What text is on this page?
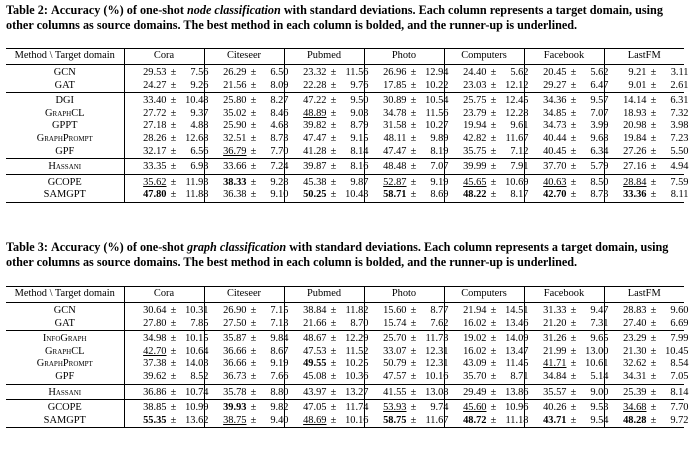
Table 2: Accuracy (%) of one-shot node classification with standard deviations. Each column represents a target domain, using other columns as source domains. The best method in each column is bolded, and the runner-up is underlined.
Method \ Target domain	Cora	Citeseer	Pubmed	Photo	Computers	Facebook	LastFM
GCN	29.53 ± 7.56	26.29 ± 6.50	23.32 ± 11.56	26.96 ± 12.94	24.40 ± 5.62	20.45 ± 5.62	9.21 ± 3.11
GAT	24.27 ± 9.26	21.56 ± 8.09	22.28 ± 9.76	17.85 ± 10.22	23.03 ± 12.12	29.27 ± 6.47	9.01 ± 2.61
DGI	33.40 ± 10.48	25.80 ± 8.27	47.22 ± 9.50	30.89 ± 10.54	25.75 ± 12.45	34.36 ± 9.57	14.14 ± 6.31
GraphCL	27.72 ± 9.37	35.02 ± 8.46	48.89 ± 9.03	34.78 ± 11.56	23.79 ± 12.28	34.85 ± 7.07	18.93 ± 7.32
GPPT	27.18 ± 4.88	25.90 ± 4.68	39.82 ± 8.79	31.58 ± 10.27	19.94 ± 9.61	34.73 ± 3.99	20.98 ± 3.98
GraphPrompt	28.26 ± 12.68	32.51 ± 8.73	47.47 ± 9.15	48.11 ± 9.89	42.82 ± 11.67	40.44 ± 9.68	19.84 ± 7.23
GPF	32.17 ± 6.56	36.79 ± 7.70	41.28 ± 8.14	47.47 ± 8.19	35.75 ± 7.12	40.45 ± 6.34	27.26 ± 5.50
Hassani	33.35 ± 6.93	33.66 ± 7.24	39.87 ± 8.16	48.48 ± 7.07	39.99 ± 7.91	37.70 ± 5.79	27.16 ± 4.94
GCOPE	35.62 ± 11.93	38.33 ± 9.28	45.38 ± 9.87	52.87 ± 9.19	45.65 ± 10.69	40.63 ± 8.50	28.84 ± 7.59
SAMGPT	47.80 ± 11.88	36.38 ± 9.10	50.25 ± 10.43	58.71 ± 8.69	48.22 ± 8.17	42.70 ± 8.73	33.36 ± 8.11
Table 3: Accuracy (%) of one-shot graph classification with standard deviations. Each column represents a target domain, using other columns as source domains. The best method in each column is bolded, and the runner-up is underlined.
Method \ Target domain	Cora	Citeseer	Pubmed	Photo	Computers	Facebook	LastFM
GCN	30.64 ± 10.31	26.90 ± 7.15	38.84 ± 11.82	15.60 ± 8.77	21.94 ± 14.51	31.33 ± 9.47	28.83 ± 9.60
GAT	27.80 ± 7.85	27.50 ± 7.13	21.66 ± 8.70	15.74 ± 7.62	16.02 ± 13.46	21.20 ± 7.31	27.40 ± 6.69
InfoGraph	34.98 ± 10.15	35.87 ± 9.84	48.67 ± 12.29	25.70 ± 11.73	19.02 ± 14.09	31.26 ± 9.65	23.29 ± 7.99
GraphCL	42.70 ± 10.64	36.66 ± 8.67	47.53 ± 11.52	33.07 ± 12.31	16.02 ± 13.47	21.99 ± 13.00	21.30 ± 10.45
GraphPrompt	37.38 ± 14.03	36.66 ± 9.19	49.55 ± 10.25	50.79 ± 12.31	43.09 ± 11.45	41.71 ± 10.61	32.62 ± 8.54
GPF	39.62 ± 8.52	36.73 ± 7.66	45.08 ± 10.36	47.57 ± 10.16	35.70 ± 8.71	34.84 ± 5.14	34.31 ± 7.05
Hassani	36.86 ± 10.74	35.78 ± 8.80	43.97 ± 13.27	41.55 ± 13.08	29.49 ± 13.86	35.57 ± 9.00	25.39 ± 8.14
GCOPE	38.85 ± 10.99	39.93 ± 9.82	47.05 ± 11.74	53.93 ± 9.74	45.60 ± 10.96	40.26 ± 9.53	34.68 ± 7.70
SAMGPT	55.35 ± 13.62	38.75 ± 9.40	48.69 ± 10.16	58.75 ± 11.67	48.72 ± 11.18	43.71 ± 9.54	48.28 ± 9.72
